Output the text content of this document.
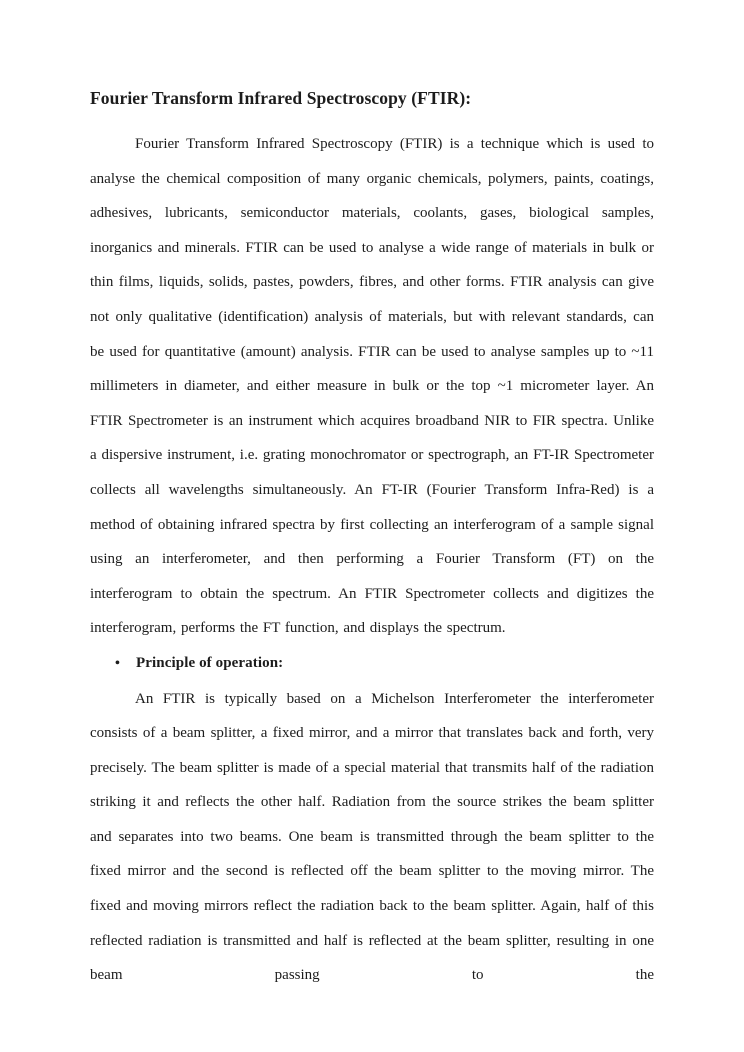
Fourier Transform Infrared Spectroscopy (FTIR):

Fourier Transform Infrared Spectroscopy (FTIR) is a technique which is used to analyse the chemical composition of many organic chemicals, polymers, paints, coatings, adhesives, lubricants, semiconductor materials, coolants, gases, biological samples, inorganics and minerals. FTIR can be used to analyse a wide range of materials in bulk or thin films, liquids, solids, pastes, powders, fibres, and other forms. FTIR analysis can give not only qualitative (identification) analysis of materials, but with relevant standards, can be used for quantitative (amount) analysis. FTIR can be used to analyse samples up to ~11 millimeters in diameter, and either measure in bulk or the top ~1 micrometer layer. An FTIR Spectrometer is an instrument which acquires broadband NIR to FIR spectra. Unlike a dispersive instrument, i.e. grating monochromator or spectrograph, an FT-IR Spectrometer collects all wavelengths simultaneously. An FT-IR (Fourier Transform Infra-Red) is a method of obtaining infrared spectra by first collecting an interferogram of a sample signal using an interferometer, and then performing a Fourier Transform (FT) on the interferogram to obtain the spectrum. An FTIR Spectrometer collects and digitizes the interferogram, performs the FT function, and displays the spectrum.

•	Principle of operation:

An FTIR is typically based on a Michelson Interferometer the interferometer consists of a beam splitter, a fixed mirror, and a mirror that translates back and forth, very precisely. The beam splitter is made of a special material that transmits half of the radiation striking it and reflects the other half. Radiation from the source strikes the beam splitter and separates into two beams. One beam is transmitted through the beam splitter to the fixed mirror and the second is reflected off the beam splitter to the moving mirror. The fixed and moving mirrors reflect the radiation back to the beam splitter. Again, half of this reflected radiation is transmitted and half is reflected at the beam splitter, resulting in one beam passing to the
